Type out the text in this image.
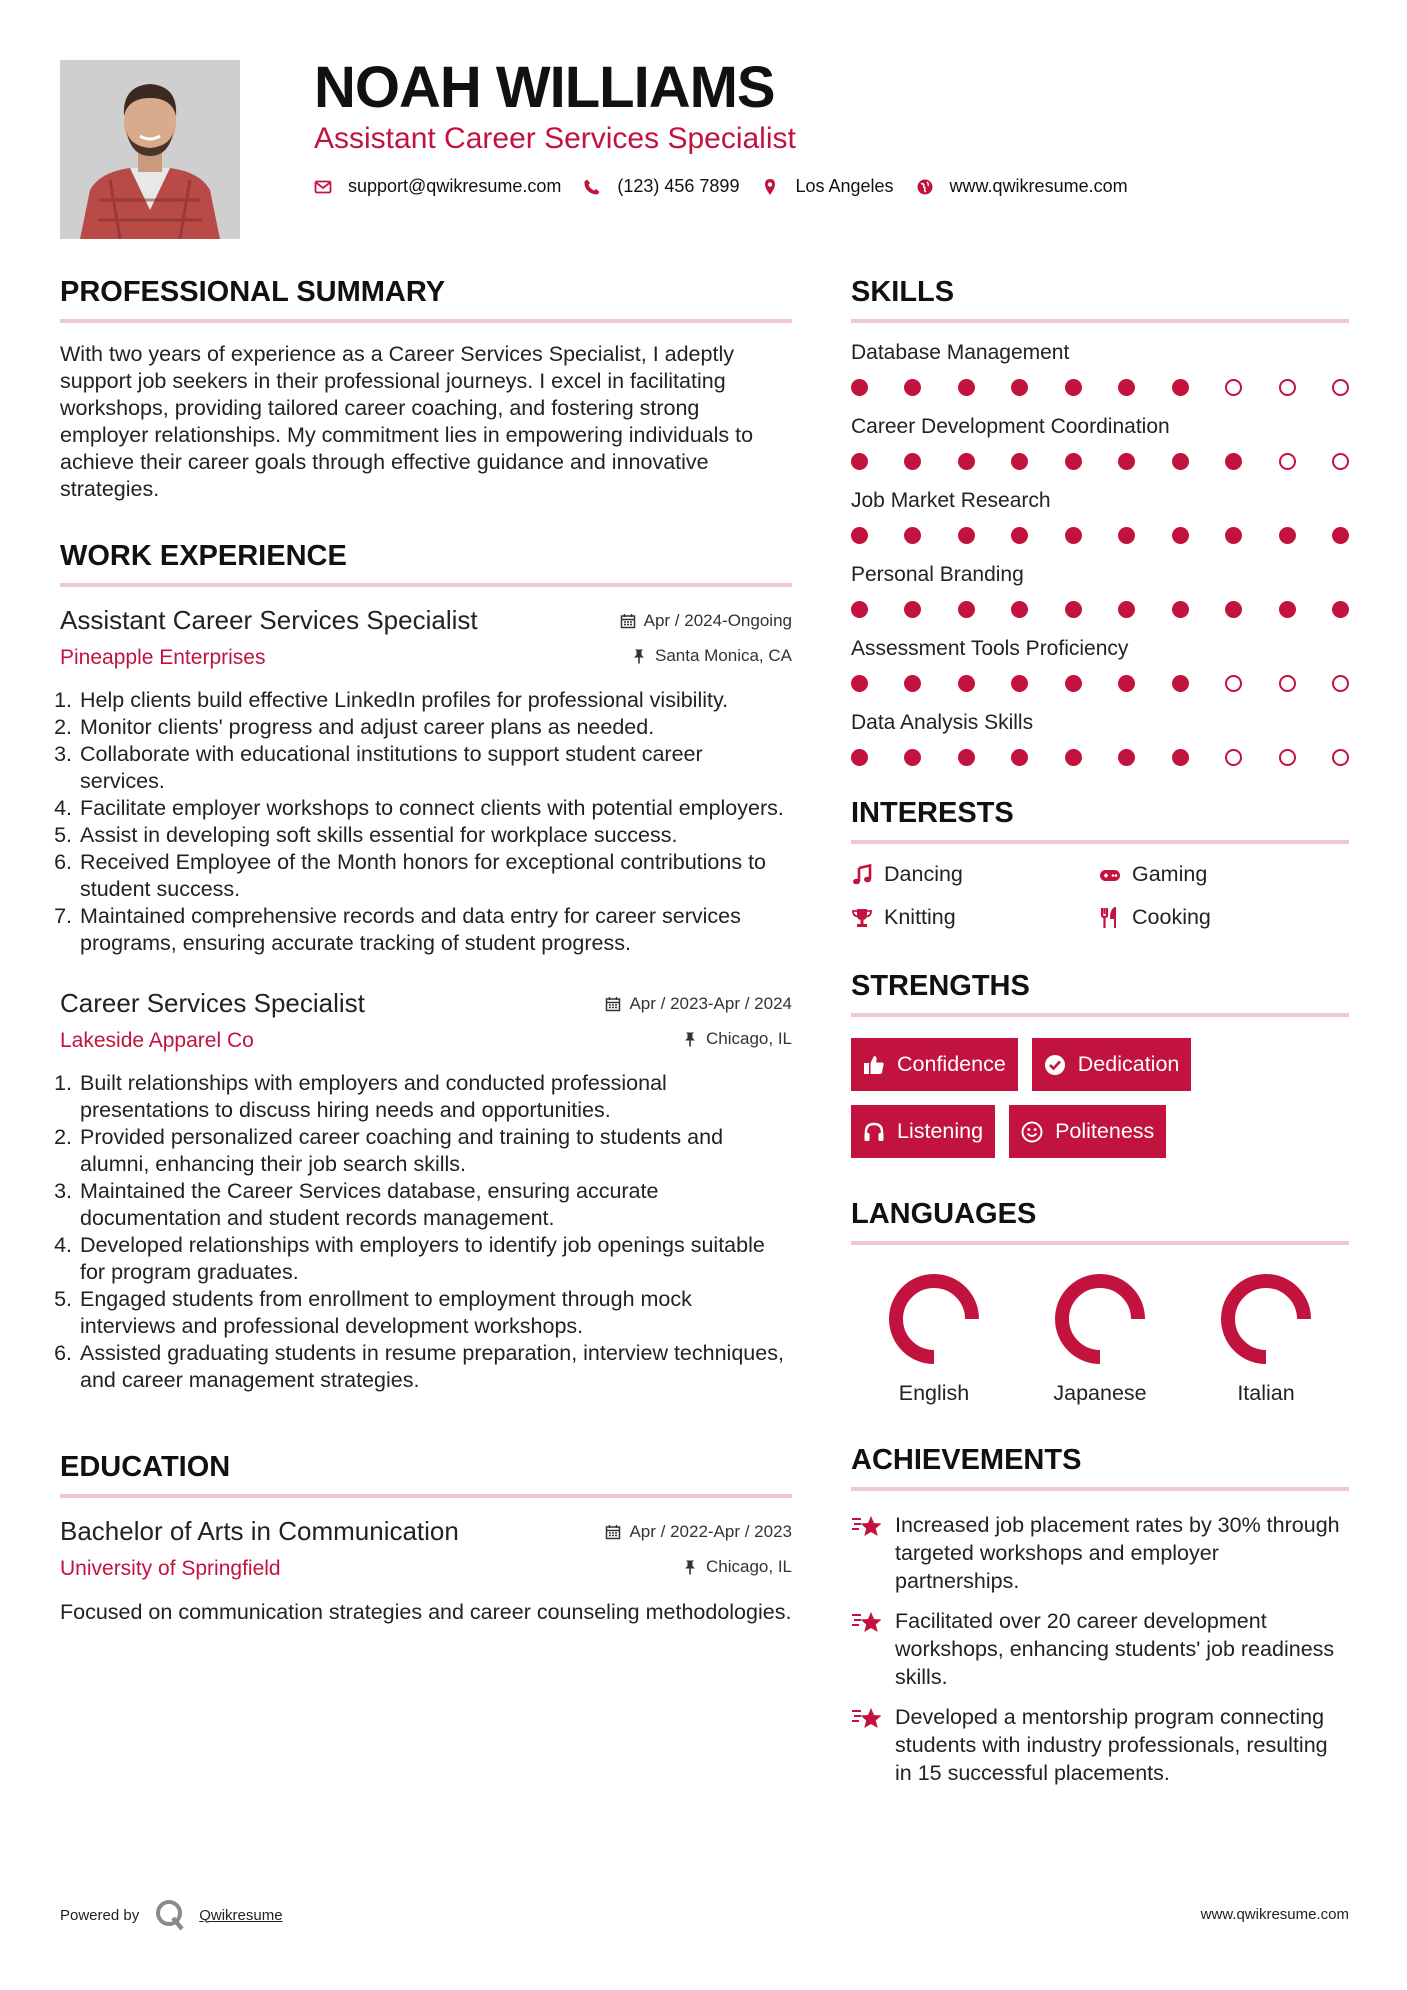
NOAH WILLIAMS
Assistant Career Services Specialist
support@qwikresume.com	(123) 456 7899	Los Angeles	www.qwikresume.com
PROFESSIONAL SUMMARY
With two years of experience as a Career Services Specialist, I adeptly support job seekers in their professional journeys. I excel in facilitating workshops, providing tailored career coaching, and fostering strong employer relationships. My commitment lies in empowering individuals to achieve their career goals through effective guidance and innovative strategies.
WORK EXPERIENCE
Assistant Career Services Specialist
Pineapple Enterprises
Apr / 2024-Ongoing
Santa Monica, CA
1. Help clients build effective LinkedIn profiles for professional visibility.
2. Monitor clients' progress and adjust career plans as needed.
3. Collaborate with educational institutions to support student career services.
4. Facilitate employer workshops to connect clients with potential employers.
5. Assist in developing soft skills essential for workplace success.
6. Received Employee of the Month honors for exceptional contributions to student success.
7. Maintained comprehensive records and data entry for career services programs, ensuring accurate tracking of student progress.
Career Services Specialist
Lakeside Apparel Co
Apr / 2023-Apr / 2024
Chicago, IL
1. Built relationships with employers and conducted professional presentations to discuss hiring needs and opportunities.
2. Provided personalized career coaching and training to students and alumni, enhancing their job search skills.
3. Maintained the Career Services database, ensuring accurate documentation and student records management.
4. Developed relationships with employers to identify job openings suitable for program graduates.
5. Engaged students from enrollment to employment through mock interviews and professional development workshops.
6. Assisted graduating students in resume preparation, interview techniques, and career management strategies.
EDUCATION
Bachelor of Arts in Communication
University of Springfield
Apr / 2022-Apr / 2023
Chicago, IL
Focused on communication strategies and career counseling methodologies.
SKILLS
Database Management
Career Development Coordination
Job Market Research
Personal Branding
Assessment Tools Proficiency
Data Analysis Skills
INTERESTS
Dancing	Gaming
Knitting	Cooking
STRENGTHS
Confidence	Dedication
Listening	Politeness
LANGUAGES
English	Japanese	Italian
ACHIEVEMENTS
Increased job placement rates by 30% through targeted workshops and employer partnerships.
Facilitated over 20 career development workshops, enhancing students' job readiness skills.
Developed a mentorship program connecting students with industry professionals, resulting in 15 successful placements.
Powered by	Qwikresume	www.qwikresume.com
